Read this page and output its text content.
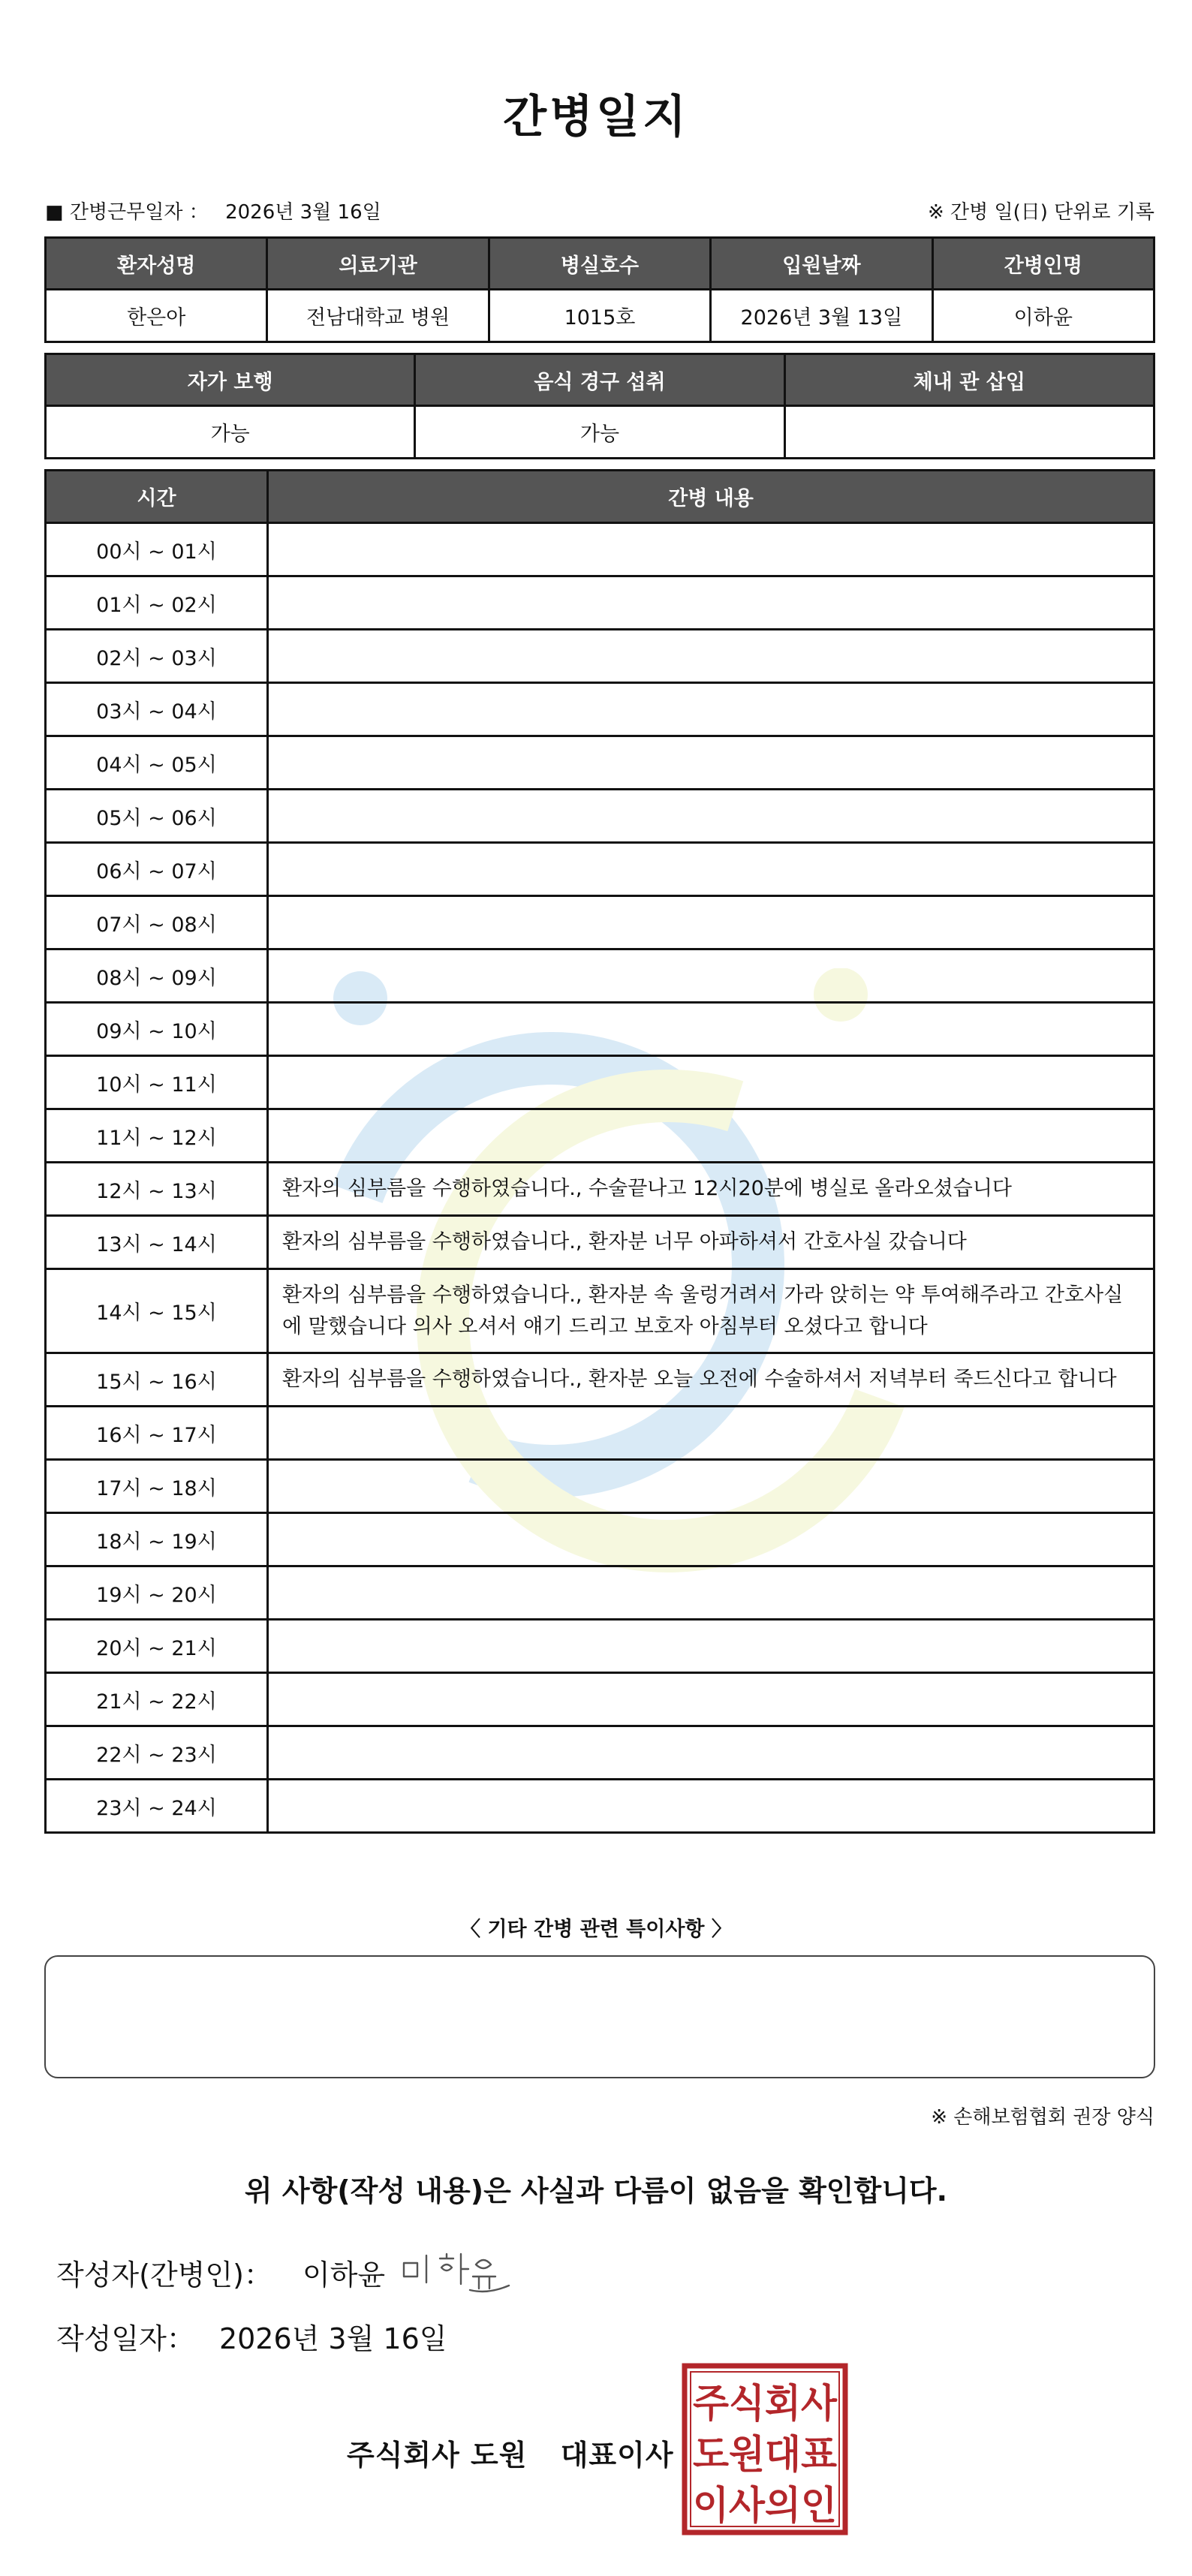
간병일지
■ 간병근무일자 ： 2026년 3월 16일	※ 간병 일(日) 단위로 기록
환자성명	의료기관	병실호수	입원날짜	간병인명
한은아	전남대학교 병원	1015호	2026년 3월 13일	이하윤
자가 보행	음식 경구 섭취	체내 관 삽입
가능	가능	
시간	간병 내용
00시 ~ 01시	
01시 ~ 02시	
02시 ~ 03시	
03시 ~ 04시	
04시 ~ 05시	
05시 ~ 06시	
06시 ~ 07시	
07시 ~ 08시	
08시 ~ 09시	
09시 ~ 10시	
10시 ~ 11시	
11시 ~ 12시	
12시 ~ 13시	환자의 심부름을 수행하였습니다., 수술끝나고 12시20분에 병실로 올라오셨습니다
13시 ~ 14시	환자의 심부름을 수행하였습니다., 환자분 너무 아파하셔서 간호사실 갔습니다
14시 ~ 15시	환자의 심부름을 수행하였습니다., 환자분 속 울렁거려서 가라 앉히는 약 투여해주라고 간호사실에 말했습니다 의사 오셔서 얘기 드리고 보호자 아침부터 오셨다고 합니다
15시 ~ 16시	환자의 심부름을 수행하였습니다., 환자분 오늘 오전에 수술하셔서 저녁부터 죽드신다고 합니다
16시 ~ 17시	
17시 ~ 18시	
18시 ~ 19시	
19시 ~ 20시	
20시 ~ 21시	
21시 ~ 22시	
22시 ~ 23시	
23시 ~ 24시	
〈 기타 간병 관련 특이사항 〉
※ 손해보험협회 권장 양식
위 사항(작성 내용)은 사실과 다름이 없음을 확인합니다.
작성자(간병인)： 이하윤
작성일자： 2026년 3월 16일
주식회사 도원 대표이사
주식회사
도원대표
이사의인
